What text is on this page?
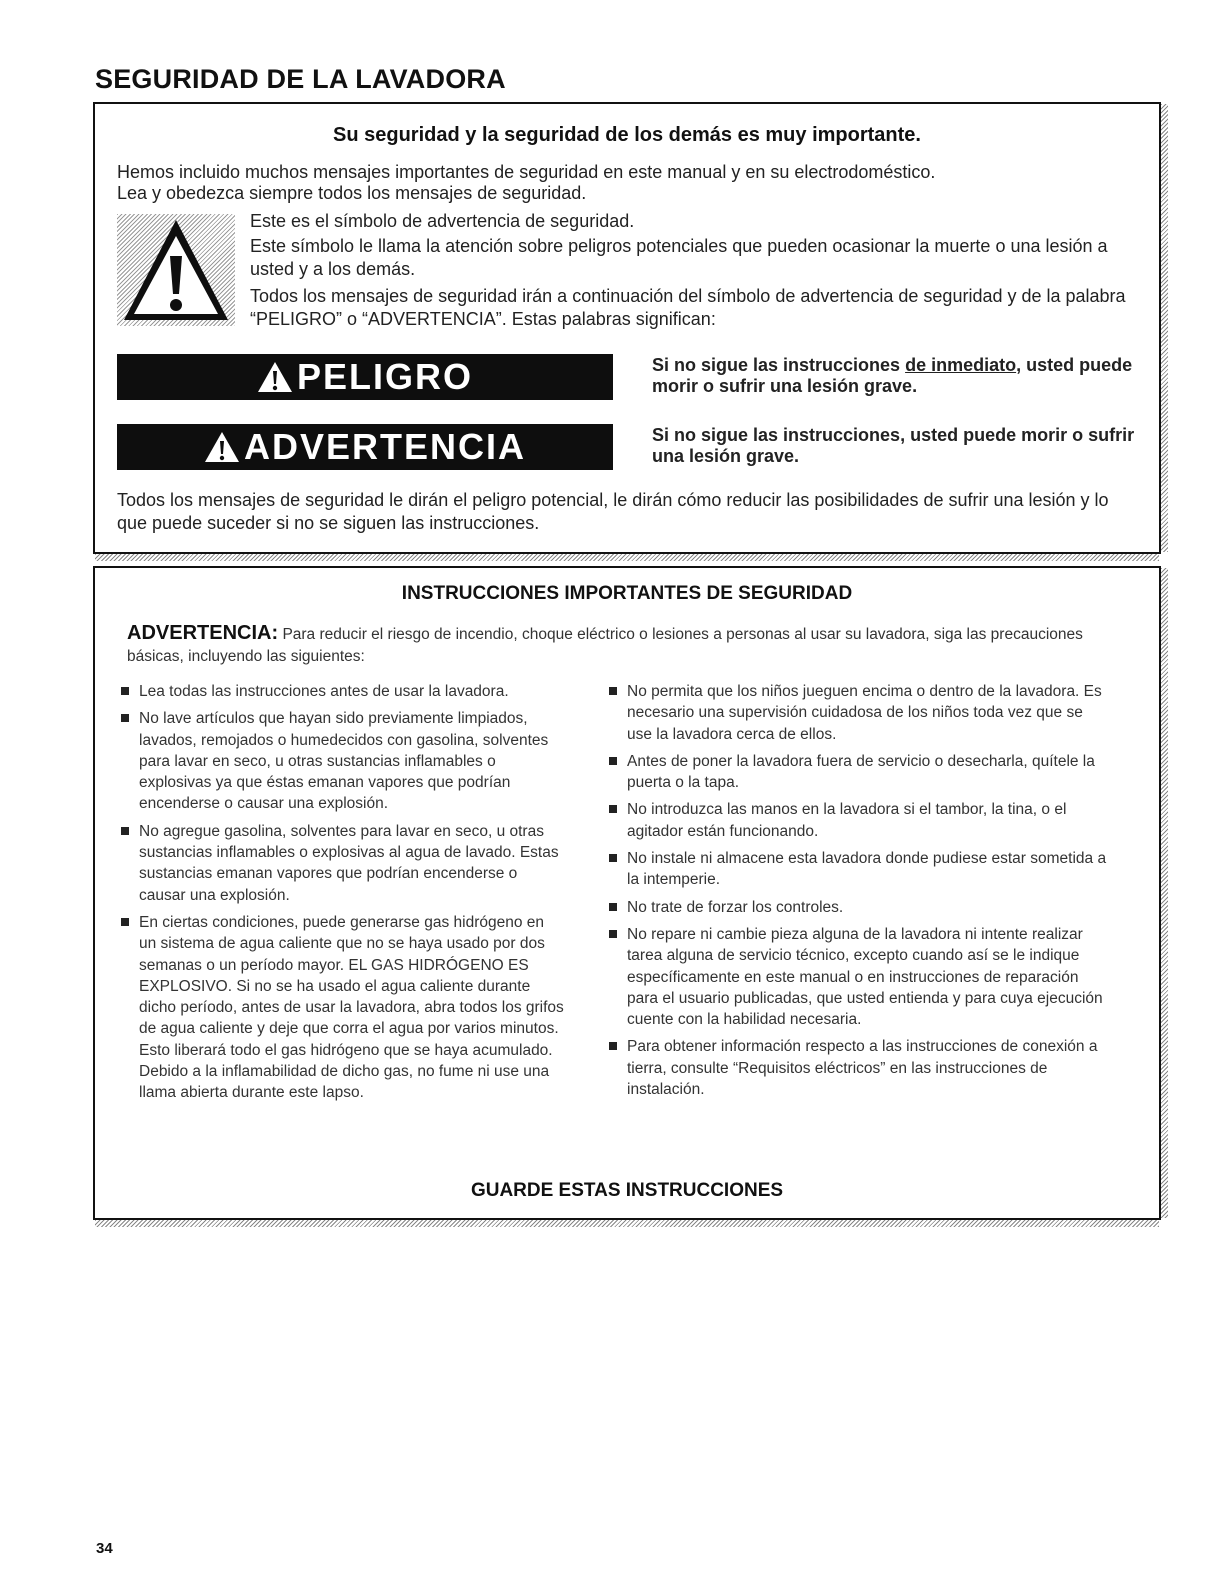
SEGURIDAD DE LA LAVADORA
Su seguridad y la seguridad de los demás es muy importante.

Hemos incluido muchos mensajes importantes de seguridad en este manual y en su electrodoméstico.

Lea y obedezca siempre todos los mensajes de seguridad.

Este es el símbolo de advertencia de seguridad.

Este símbolo le llama la atención sobre peligros potenciales que pueden ocasionar la muerte o una lesión a usted y a los demás.

Todos los mensajes de seguridad irán a continuación del símbolo de advertencia de seguridad y de la palabra “PELIGRO” o “ADVERTENCIA”. Estas palabras significan:

PELIGRO	Si no sigue las instrucciones de inmediato, usted puede morir o sufrir una lesión grave.

ADVERTENCIA	Si no sigue las instrucciones, usted puede morir o sufrir una lesión grave.

Todos los mensajes de seguridad le dirán el peligro potencial, le dirán cómo reducir las posibilidades de sufrir una lesión y lo que puede suceder si no se siguen las instrucciones.

INSTRUCCIONES IMPORTANTES DE SEGURIDAD

ADVERTENCIA: Para reducir el riesgo de incendio, choque eléctrico o lesiones a personas al usar su lavadora, siga las precauciones básicas, incluyendo las siguientes:

Lea todas las instrucciones antes de usar la lavadora.
No lave artículos que hayan sido previamente limpiados, lavados, remojados o humedecidos con gasolina, solventes para lavar en seco, u otras sustancias inflamables o explosivas ya que éstas emanan vapores que podrían encenderse o causar una explosión.
No agregue gasolina, solventes para lavar en seco, u otras sustancias inflamables o explosivas al agua de lavado. Estas sustancias emanan vapores que podrían encenderse o causar una explosión.
En ciertas condiciones, puede generarse gas hidrógeno en un sistema de agua caliente que no se haya usado por dos semanas o un período mayor. EL GAS HIDRÓGENO ES EXPLOSIVO. Si no se ha usado el agua caliente durante dicho período, antes de usar la lavadora, abra todos los grifos de agua caliente y deje que corra el agua por varios minutos. Esto liberará todo el gas hidrógeno que se haya acumulado. Debido a la inflamabilidad de dicho gas, no fume ni use una llama abierta durante este lapso.
No permita que los niños jueguen encima o dentro de la lavadora. Es necesario una supervisión cuidadosa de los niños toda vez que se use la lavadora cerca de ellos.
Antes de poner la lavadora fuera de servicio o desecharla, quítele la puerta o la tapa.
No introduzca las manos en la lavadora si el tambor, la tina, o el agitador están funcionando.
No instale ni almacene esta lavadora donde pudiese estar sometida a la intemperie.
No trate de forzar los controles.
No repare ni cambie pieza alguna de la lavadora ni intente realizar tarea alguna de servicio técnico, excepto cuando así se le indique específicamente en este manual o en instrucciones de reparación para el usuario publicadas, que usted entienda y para cuya ejecución cuente con la habilidad necesaria.
Para obtener información respecto a las instrucciones de conexión a tierra, consulte “Requisitos eléctricos” en las instrucciones de instalación.
GUARDE ESTAS INSTRUCCIONES

34
